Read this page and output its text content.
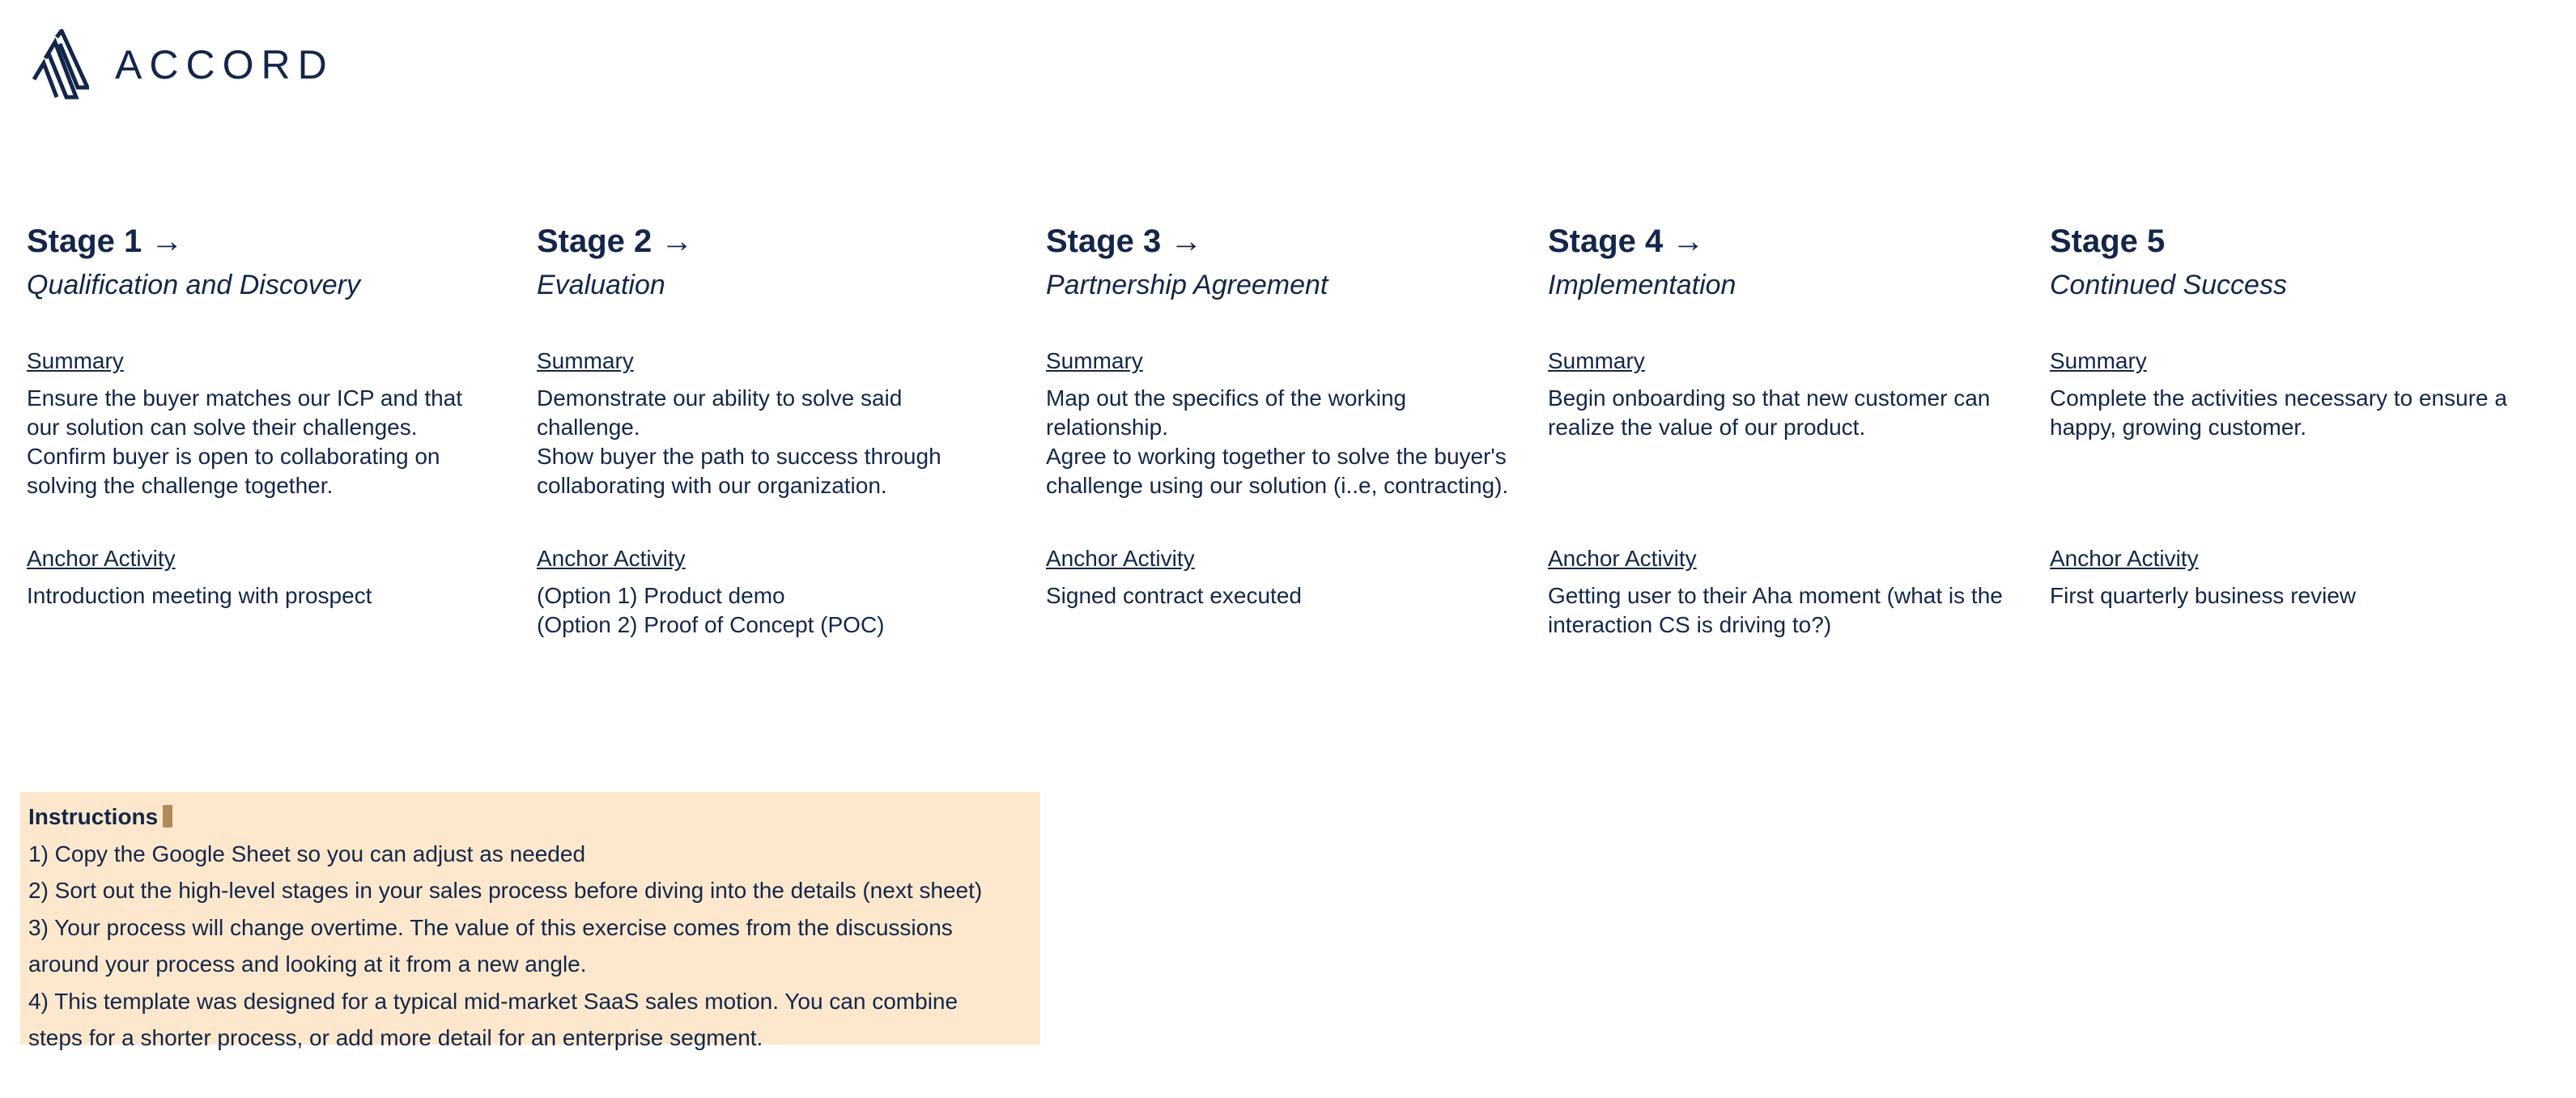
ACCORD

Stage 1 →

Qualification and Discovery

Summary
Ensure the buyer matches our ICP and that
our solution can solve their challenges.
Confirm buyer is open to collaborating on
solving the challenge together.
Anchor Activity
Introduction meeting with prospect

Stage 2 →

Evaluation

Summary
Demonstrate our ability to solve said
challenge.
Show buyer the path to success through
collaborating with our organization.
Anchor Activity
(Option 1) Product demo
(Option 2) Proof of Concept (POC)

Stage 3 →

Partnership Agreement

Summary
Map out the specifics of the working
relationship.
Agree to working together to solve the buyer's
challenge using our solution (i..e, contracting).
Anchor Activity
Signed contract executed

Stage 4 →

Implementation

Summary
Begin onboarding so that new customer can
realize the value of our product.
Anchor Activity
Getting user to their Aha moment (what is the
interaction CS is driving to?)

Stage 5

Continued Success

Summary
Complete the activities necessary to ensure a
happy, growing customer.
Anchor Activity
First quarterly business review
Instructions
1) Copy the Google Sheet so you can adjust as needed
2) Sort out the high-level stages in your sales process before diving into the details (next sheet)
3) Your process will change overtime. The value of this exercise comes from the discussions
around your process and looking at it from a new angle.
4) This template was designed for a typical mid-market SaaS sales motion. You can combine
steps for a shorter process, or add more detail for an enterprise segment.
